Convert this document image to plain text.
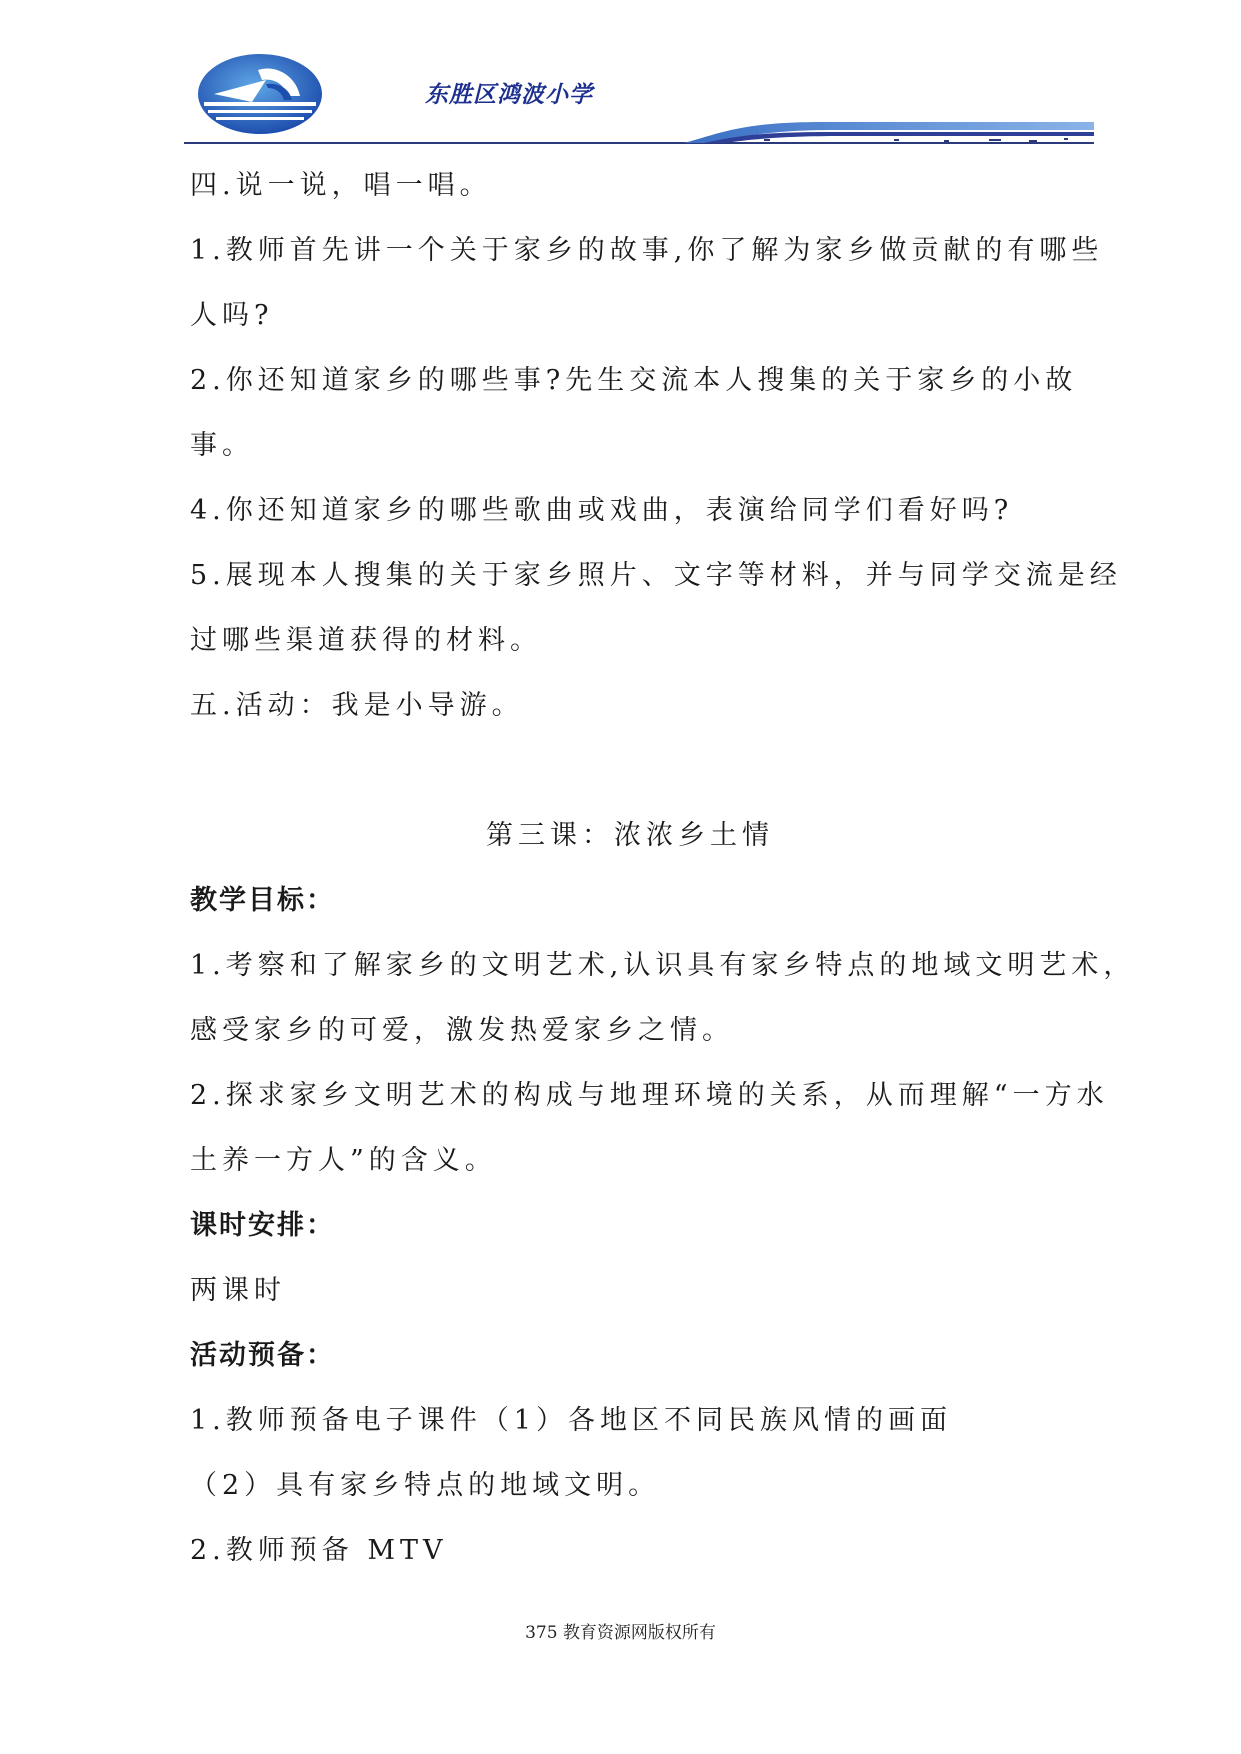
东胜区鸿波小学
四.说一说，唱一唱。
1.教师首先讲一个关于家乡的故事,你了解为家乡做贡献的有哪些
人吗?
2.你还知道家乡的哪些事?先生交流本人搜集的关于家乡的小故
事。
4.你还知道家乡的哪些歌曲或戏曲，表演给同学们看好吗?
5.展现本人搜集的关于家乡照片、文字等材料，并与同学交流是经
过哪些渠道获得的材料。
五.活动：我是小导游。
第三课：浓浓乡土情
教学目标：
1.考察和了解家乡的文明艺术,认识具有家乡特点的地域文明艺术，
感受家乡的可爱，激发热爱家乡之情。
2.探求家乡文明艺术的构成与地理环境的关系，从而理解“一方水
土养一方人”的含义。
课时安排：
两课时
活动预备：
1.教师预备电子课件（1）各地区不同民族风情的画面
（2）具有家乡特点的地域文明。
2.教师预备 MTV
375 教育资源网版权所有
